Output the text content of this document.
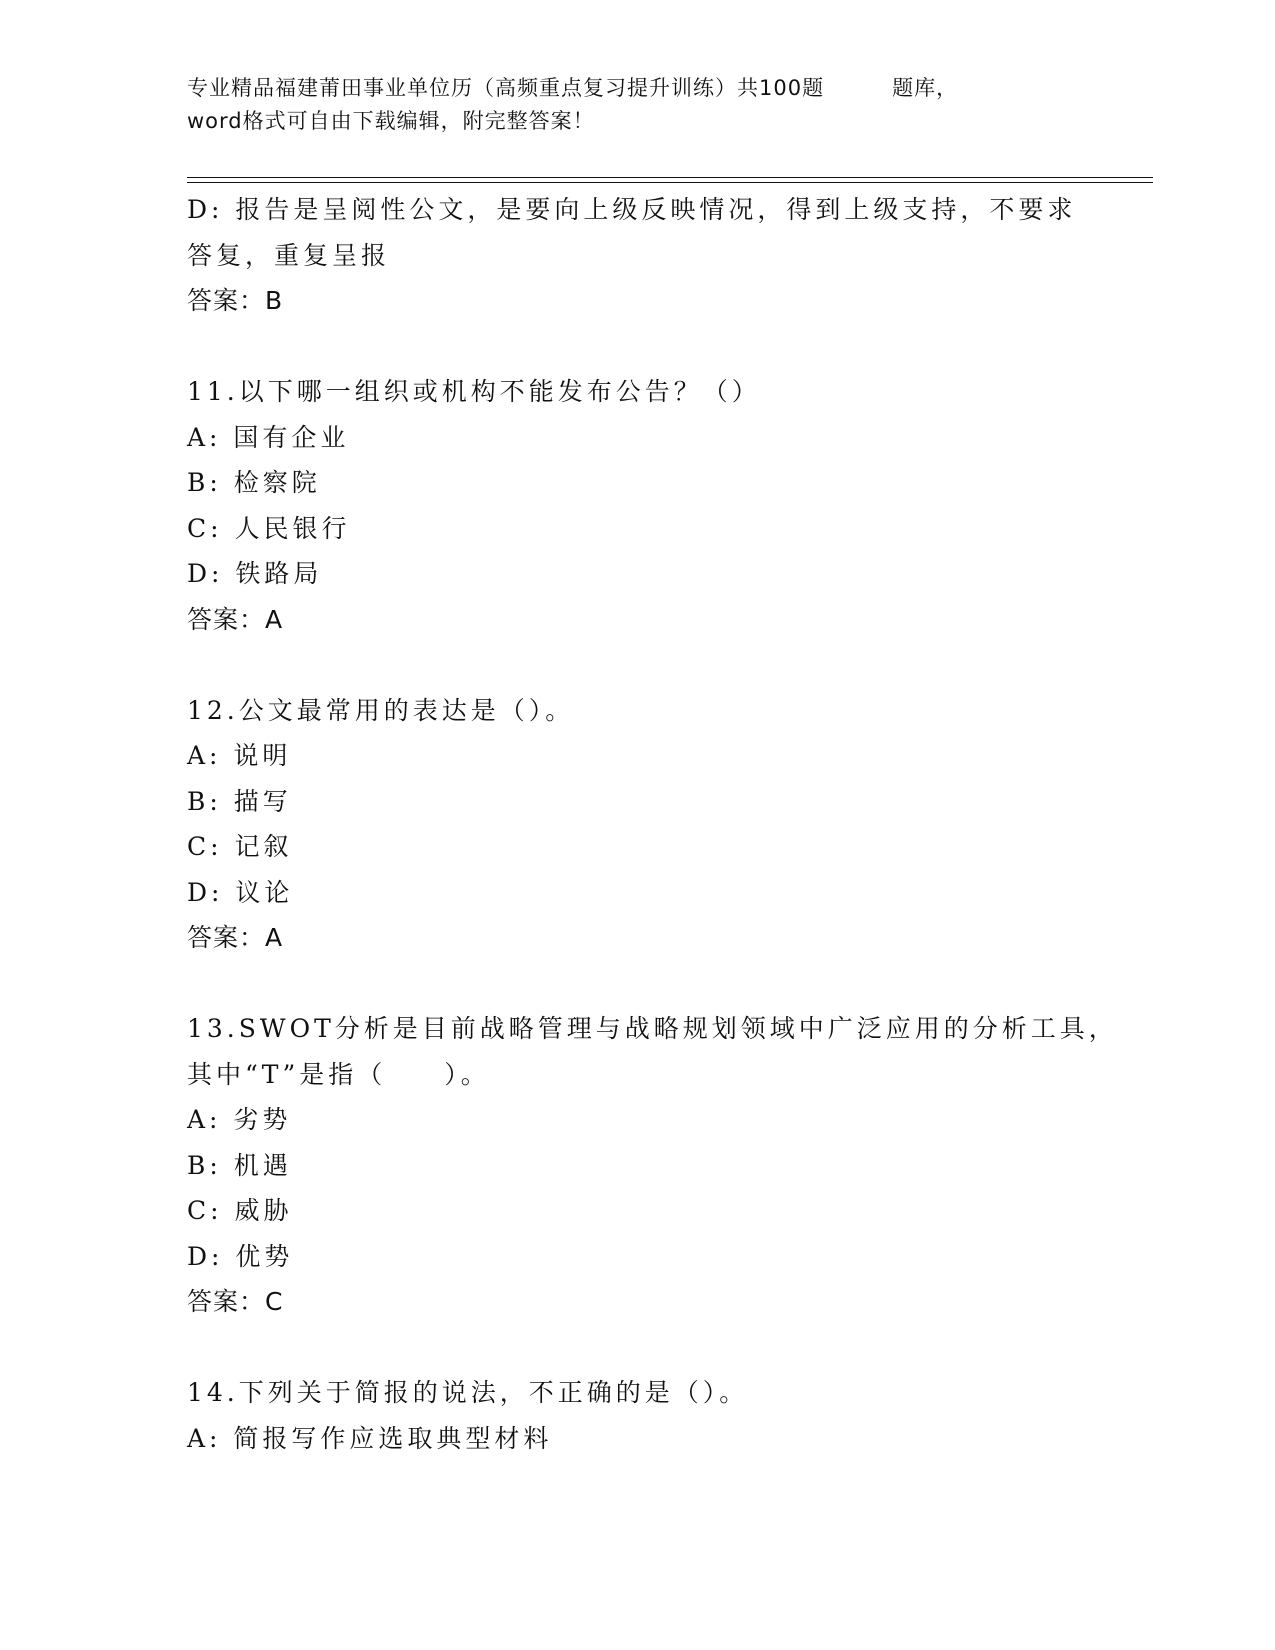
专业精品福建莆田事业单位历（高频重点复习提升训练）共100题	题库，
word格式可自由下载编辑，附完整答案！

D: 报告是呈阅性公文，是要向上级反映情况，得到上级支持，不要求

答复，重复呈报

答案：B

11.以下哪一组织或机构不能发布公告？（）

A: 国有企业

B: 检察院

C: 人民银行

D: 铁路局

答案：A

12.公文最常用的表达是（）。

A: 说明

B: 描写

C: 记叙

D: 议论

答案：A

13.SWOT分析是目前战略管理与战略规划领域中广泛应用的分析工具，

其中“T”是指（　　）。

A: 劣势

B: 机遇

C: 威胁

D: 优势

答案：C

14.下列关于简报的说法，不正确的是（）。

A: 简报写作应选取典型材料
